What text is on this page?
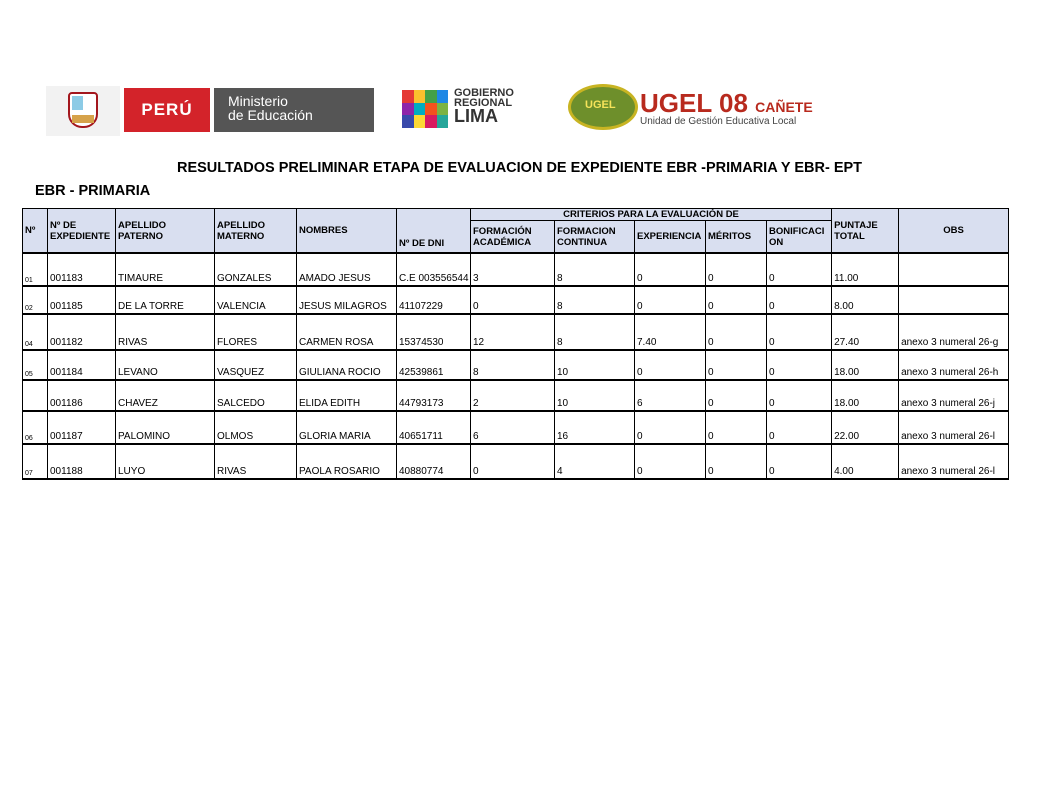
PERÚ	Ministerio
de Educación
GOBIERNO
REGIONAL
LIMA
UGEL UGEL 08 CAÑETE
Unidad de Gestión Educativa Local
RESULTADOS PRELIMINAR ETAPA DE EVALUACION DE EXPEDIENTE EBR -PRIMARIA Y EBR- EPT
EBR - PRIMARIA
Nº	Nº DE EXPEDIENTE	APELLIDO PATERNO	APELLIDO MATERNO	NOMBRES	Nº DE DNI	CRITERIOS PARA LA EVALUACIÓN DE					PUNTAJE TOTAL	OBS
						FORMACIÓN ACADÉMICA	FORMACION CONTINUA	EXPERIENCIA	MÉRITOS	BONIFICACION		
01	001183	TIMAURE	GONZALES	AMADO JESUS	C.E 003556544	3	8	0	0	0	11.00	
02	001185	DE LA TORRE	VALENCIA	JESUS MILAGROS	41107229	0	8	0	0	0	8.00	
04	001182	RIVAS	FLORES	CARMEN ROSA	15374530	12	8	7.40	0	0	27.40	anexo 3 numeral 26-g
05	001184	LEVANO	VASQUEZ	GIULIANA ROCIO	42539861	8	10	0	0	0	18.00	anexo 3 numeral 26-h
	001186	CHAVEZ	SALCEDO	ELIDA EDITH	44793173	2	10	6	0	0	18.00	anexo 3 numeral 26-j
06	001187	PALOMINO	OLMOS	GLORIA MARIA	40651711	6	16	0	0	0	22.00	anexo 3 numeral 26-l
07	001188	LUYO	RIVAS	PAOLA ROSARIO	40880774	0	4	0	0	0	4.00	anexo 3 numeral 26-l
